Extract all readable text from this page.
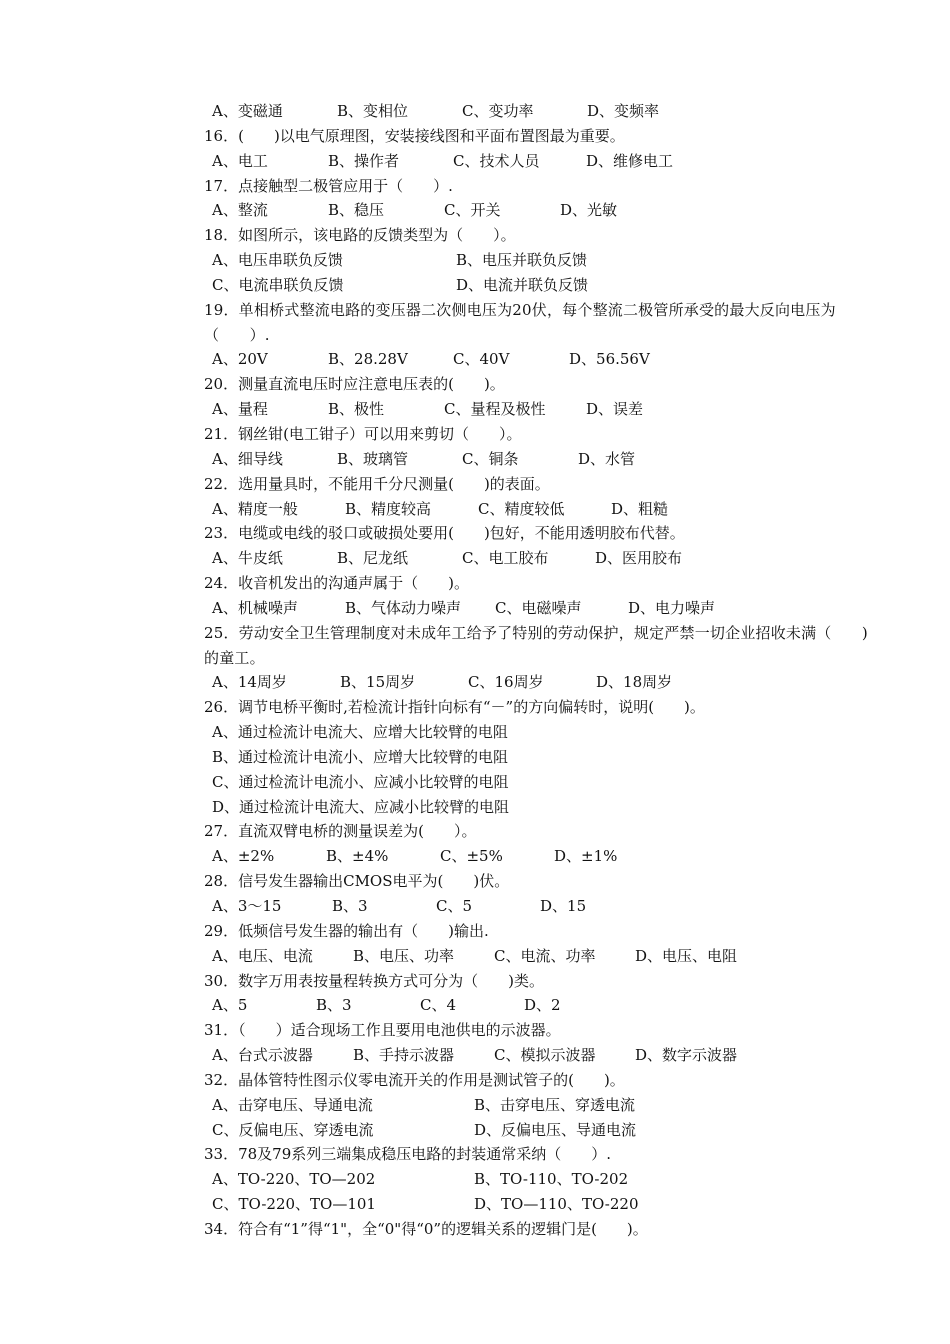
A、变磁通	B、变相位	C、变功率	D、变频率
16．(　　)以电气原理图，安装接线图和平面布置图最为重要。
A、电工	B、操作者	C、技术人员	D、维修电工
17．点接触型二极管应用于（　　）.
A、整流	B、稳压	C、开关	D、光敏
18．如图所示，该电路的反馈类型为（　　）。
A、电压串联负反馈	B、电压并联负反馈
C、电流串联负反馈	D、电流并联负反馈
19．单相桥式整流电路的变压器二次侧电压为20伏，每个整流二极管所承受的最大反向电压为（　　）.
A、20V	B、28.28V	C、40V	D、56.56V
20．测量直流电压时应注意电压表的(　　)。
A、量程	B、极性	C、量程及极性	D、误差
21．钢丝钳(电工钳子）可以用来剪切（　　）。
A、细导线	B、玻璃管	C、铜条	D、水管
22．选用量具时，不能用千分尺测量(　　)的表面。
A、精度一般	B、精度较高	C、精度较低	D、粗糙
23．电缆或电线的驳口或破损处要用(　　)包好，不能用透明胶布代替。
A、牛皮纸	B、尼龙纸	C、电工胶布	D、医用胶布
24．收音机发出的沟通声属于（　　)。
A、机械噪声	B、气体动力噪声 C、电磁噪声	D、电力噪声
25．劳动安全卫生管理制度对未成年工给予了特别的劳动保护，规定严禁一切企业招收未满（　　)的童工。
A、14周岁	B、15周岁	C、16周岁	D、18周岁
26．调节电桥平衡时,若检流计指针向标有“－”的方向偏转时，说明(　　)。
A、通过检流计电流大、应增大比较臂的电阻
B、通过检流计电流小、应增大比较臂的电阻
C、通过检流计电流小、应减小比较臂的电阻
D、通过检流计电流大、应减小比较臂的电阻
27．直流双臂电桥的测量误差为(　　）。
A、±2%	B、±4%	C、±5%	D、±1%
28．信号发生器输出CMOS电平为(　　)伏。
A、3～15	B、3	C、5	D、15
29．低频信号发生器的输出有（　　)输出.
A、电压、电流	B、电压、功率	C、电流、功率	D、电压、电阻
30．数字万用表按量程转换方式可分为（　　)类。
A、5	B、3	C、4	D、2
31．（　　）适合现场工作且要用电池供电的示波器。
A、台式示波器	B、手持示波器	C、模拟示波器	D、数字示波器
32．晶体管特性图示仪零电流开关的作用是测试管子的(　　)。
A、击穿电压、导通电流	B、击穿电压、穿透电流
C、反偏电压、穿透电流	D、反偏电压、导通电流
33．78及79系列三端集成稳压电路的封装通常采纳（　　）.
A、TO-220、TO—202	B、TO-110、TO-202
C、TO-220、TO—101	D、TO—110、TO-220
34．符合有“1”得“1"，全“0"得“0”的逻辑关系的逻辑门是(　　)。
